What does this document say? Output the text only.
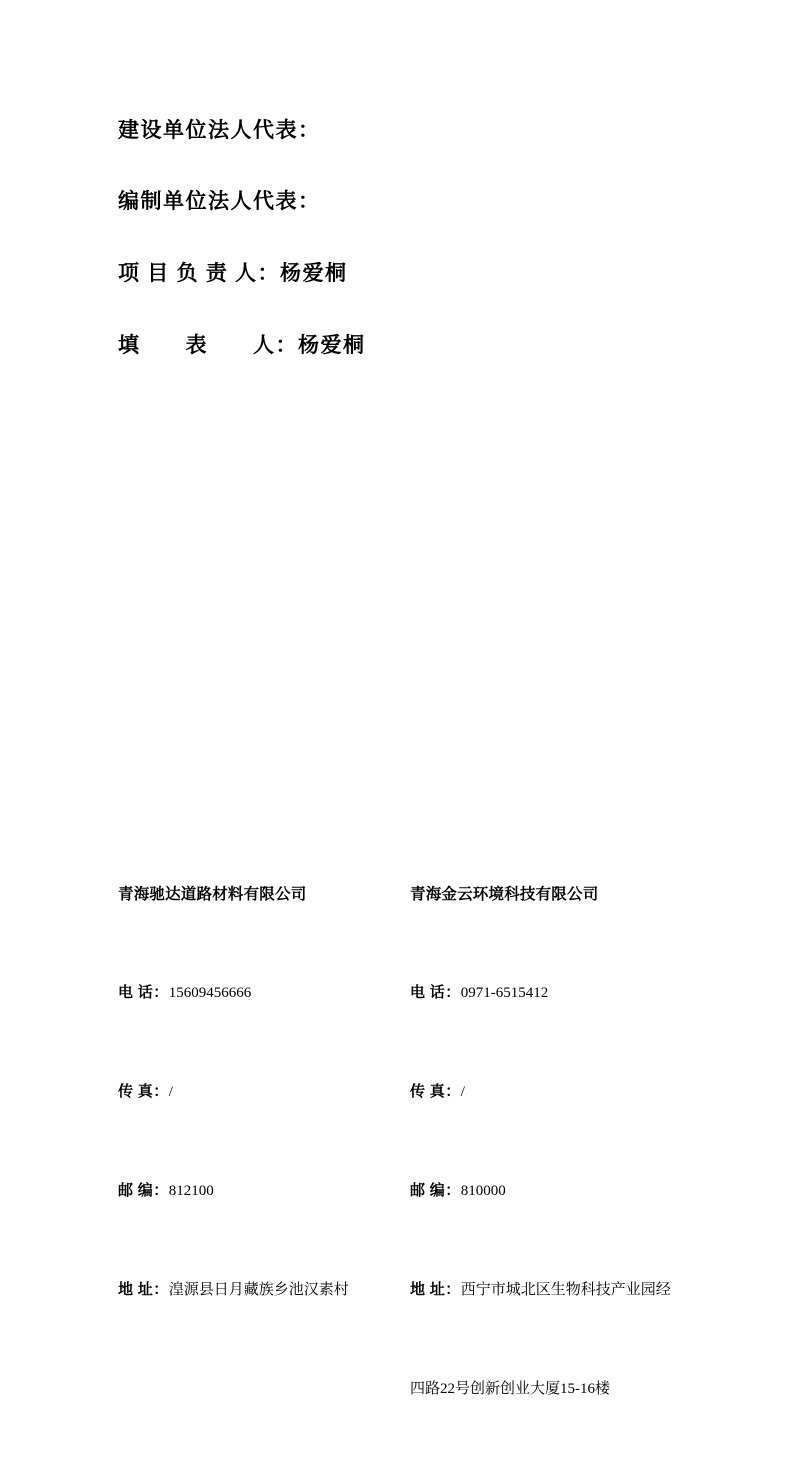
建设单位法人代表：
编制单位法人代表：
项 目 负 责 人：杨爱桐
填　　表　　人：杨爱桐

青海驰达道路材料有限公司

电 话：15609456666

传 真：/

邮 编：812100

地 址：湟源县日月藏族乡池汉素村

青海金云环境科技有限公司

电 话：0971-6515412

传 真：/

邮 编：810000

地 址：西宁市城北区生物科技产业园经

四路22号创新创业大厦15-16楼
